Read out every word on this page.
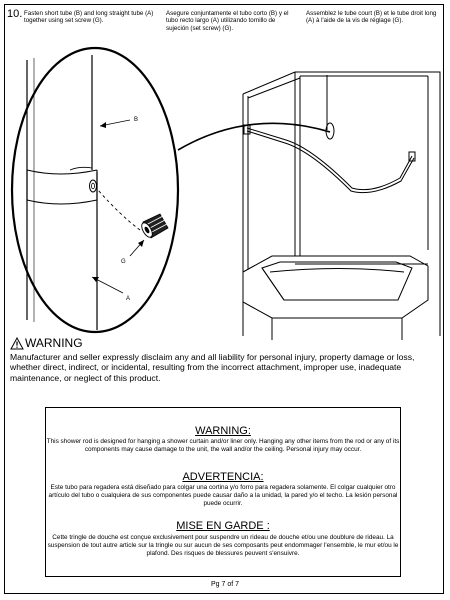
10. Fasten short tube (B) and long straight tube (A) together using set screw (G).

Asegure conjuntamente el tubo corto (B) y el tubo recto largo (A) utilizando tornillo de sujeción (set screw) (G).

Assemblez le tube court (B) et le tube droit long (A) à l'aide de la vis de réglage (G).

B
G
A
WARNING

Manufacturer and seller expressly disclaim any and all liability for personal injury, property damage or loss, whether direct, indirect, or incidental, resulting from the incorrect attachment, improper use, inadequate maintenance, or neglect of this product.

WARNING:

This shower rod is designed for hanging a shower curtain and/or liner only. Hanging any other items from the rod or any of its components may cause damage to the unit, the wall and/or the ceiling. Personal injury may occur.

ADVERTENCIA:

Este tubo para regadera está diseñado para colgar una cortina y/o forro para regadera solamente. El colgar cualquier otro artículo del tubo o cualquiera de sus componentes puede causar daño a la unidad, la pared y/o el techo. La lesión personal puede ocurrir.

MISE EN GARDE :

Cette tringle de douche est conçue exclusivement pour suspendre un rideau de douche et/ou une doublure de rideau. La suspension de tout autre article sur la tringle ou sur aucun de ses composants peut endommager l'ensemble, le mur et/ou le plafond. Des risques de blessures peuvent s'ensuivre.

Pg 7 of 7
